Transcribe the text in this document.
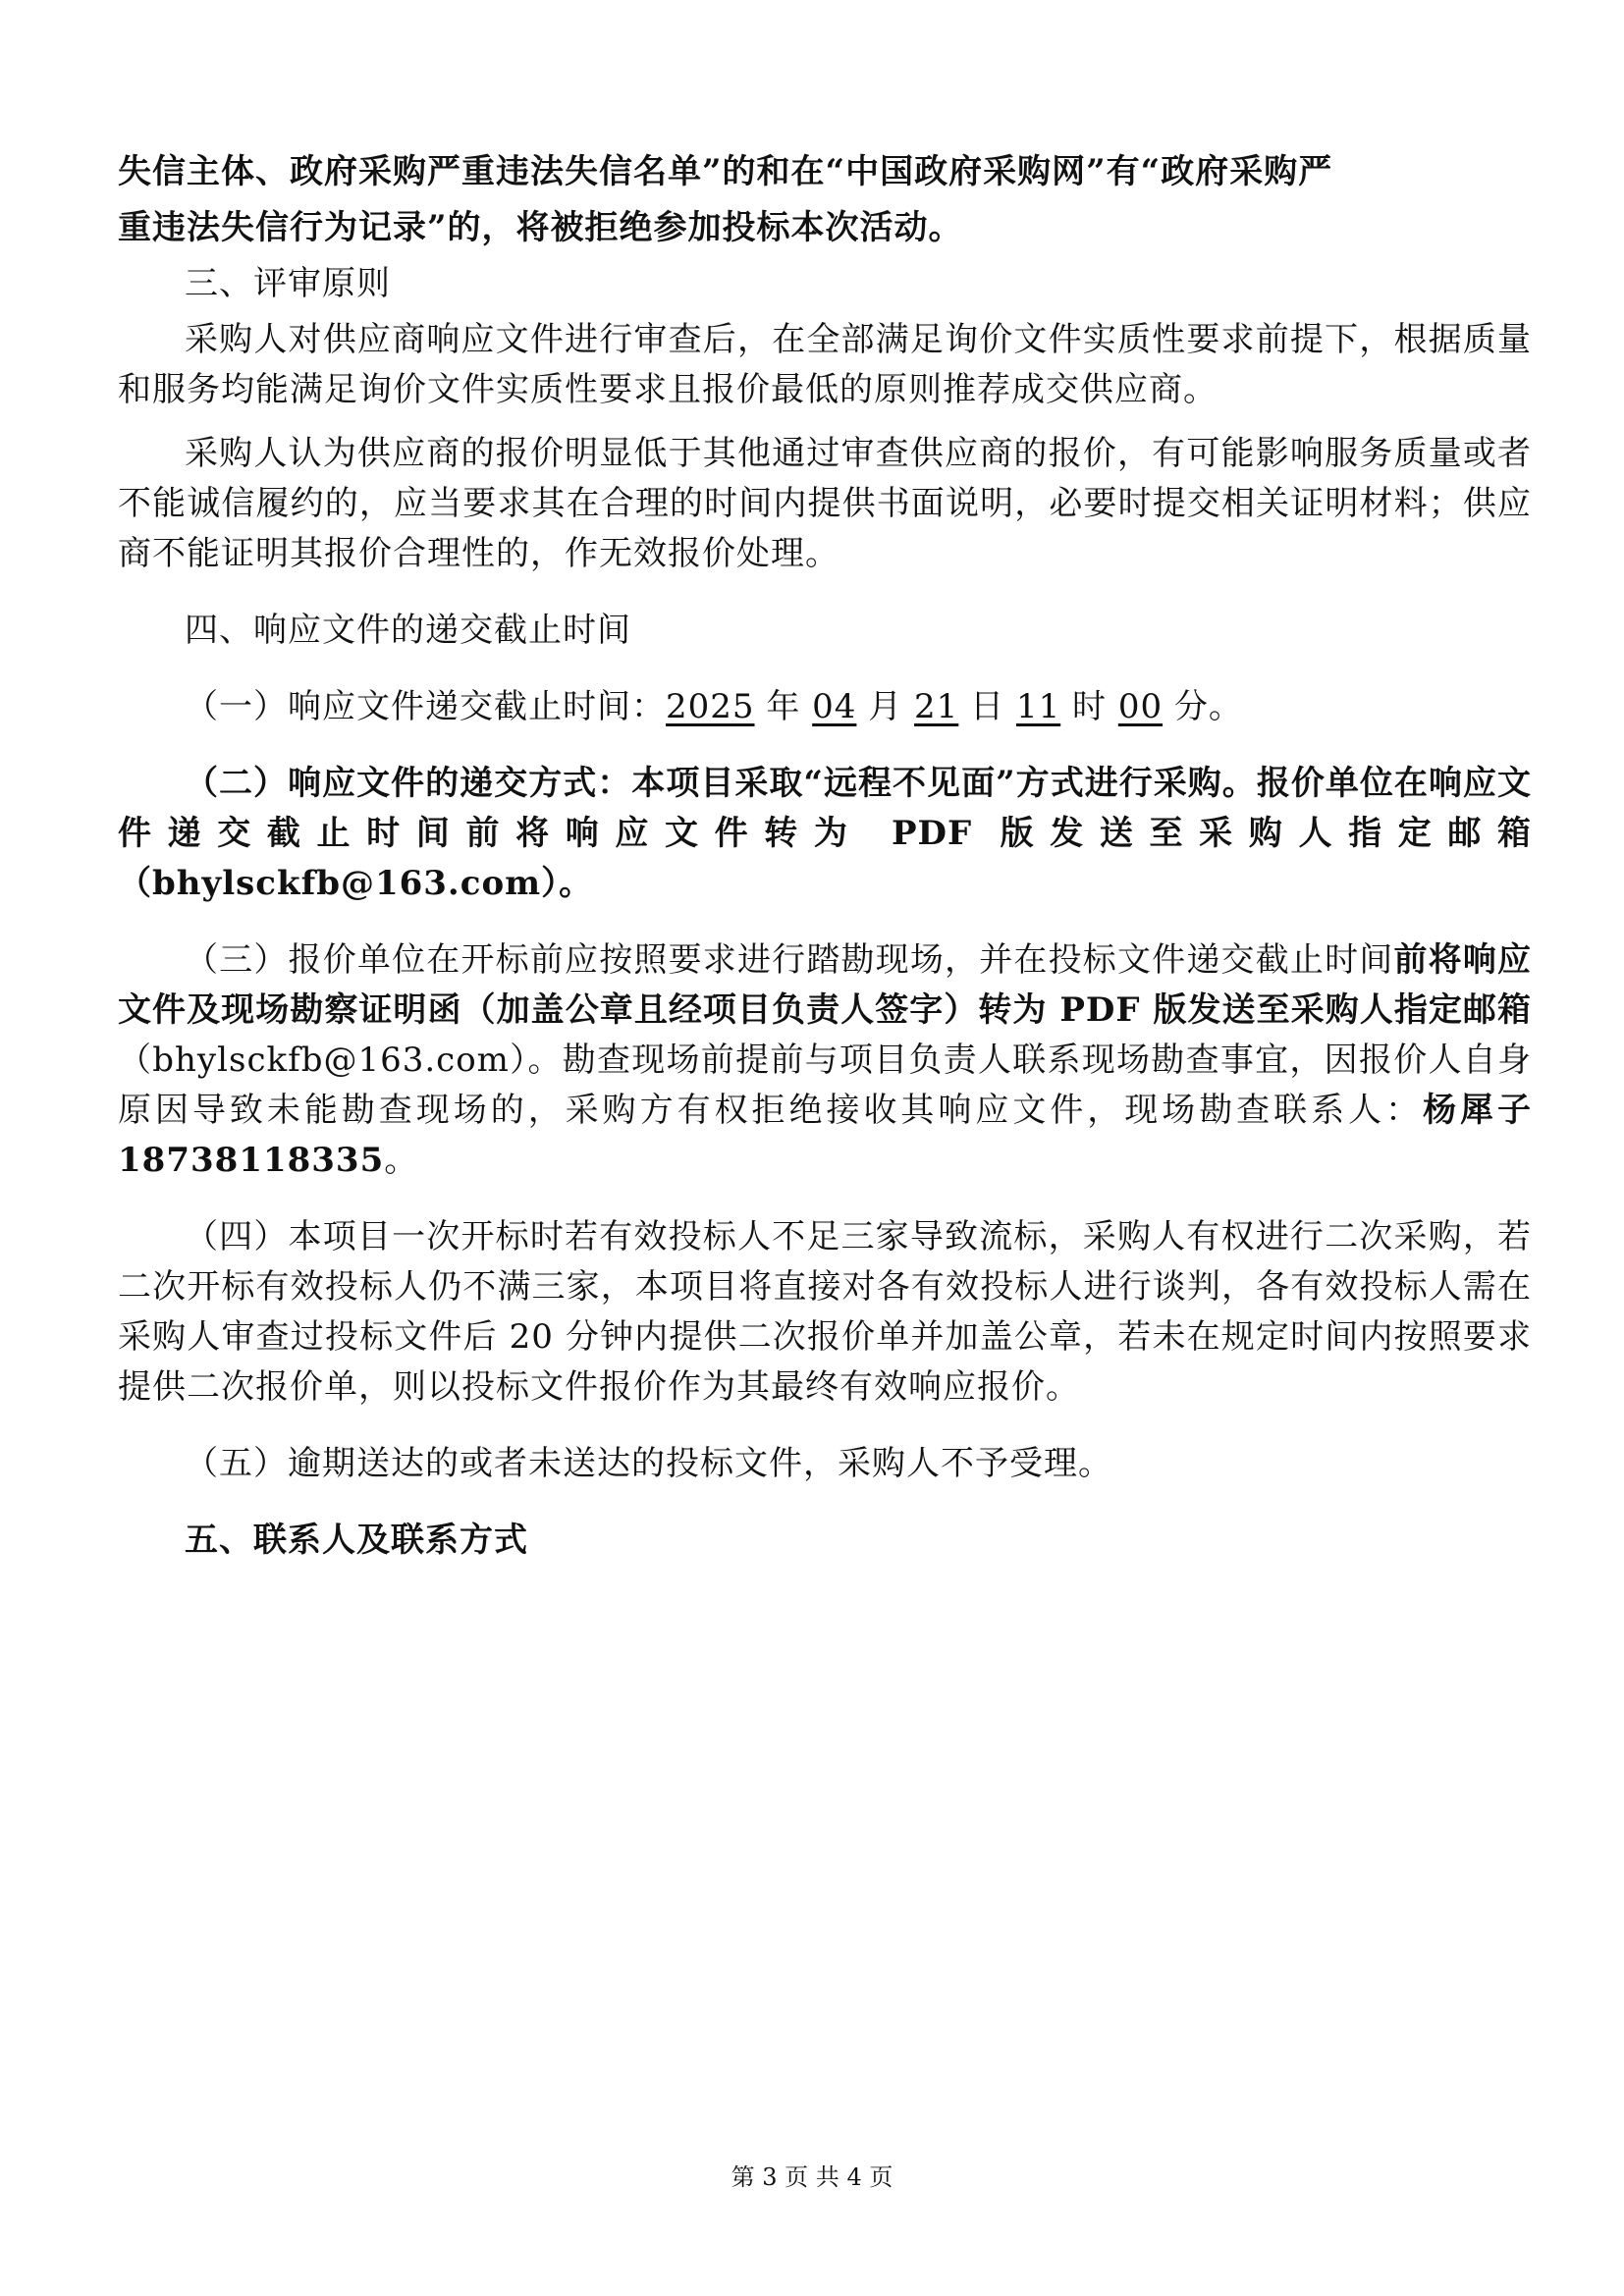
失信主体、政府采购严重违法失信名单”的和在“中国政府采购网”有“政府采购严

重违法失信行为记录”的，将被拒绝参加投标本次活动。

三、评审原则

采购人对供应商响应文件进行审查后，在全部满足询价文件实质性要求前提下，根据质量和服务均能满足询价文件实质性要求且报价最低的原则推荐成交供应商。

采购人认为供应商的报价明显低于其他通过审查供应商的报价，有可能影响服务质量或者不能诚信履约的，应当要求其在合理的时间内提供书面说明，必要时提交相关证明材料；供应商不能证明其报价合理性的，作无效报价处理。

四、响应文件的递交截止时间

（一）响应文件递交截止时间：2025 年 04 月 21 日 11 时 00 分。

（二）响应文件的递交方式：本项目采取“远程不见面”方式进行采购。报价单位在响应文件递交截止时间前将响应文件转为 PDF 版发送至采购人指定邮箱（bhylsckfb@163.com）。

（三）报价单位在开标前应按照要求进行踏勘现场，并在投标文件递交截止时间前将响应文件及现场勘察证明函（加盖公章且经项目负责人签字）转为 PDF 版发送至采购人指定邮箱（bhylsckfb@163.com）。勘查现场前提前与项目负责人联系现场勘查事宜，因报价人自身原因导致未能勘查现场的，采购方有权拒绝接收其响应文件，现场勘查联系人：杨犀子 18738118335。

（四）本项目一次开标时若有效投标人不足三家导致流标，采购人有权进行二次采购，若二次开标有效投标人仍不满三家，本项目将直接对各有效投标人进行谈判，各有效投标人需在采购人审查过投标文件后 20 分钟内提供二次报价单并加盖公章，若未在规定时间内按照要求提供二次报价单，则以投标文件报价作为其最终有效响应报价。

（五）逾期送达的或者未送达的投标文件，采购人不予受理。

五、联系人及联系方式

第 3 页 共 4 页
